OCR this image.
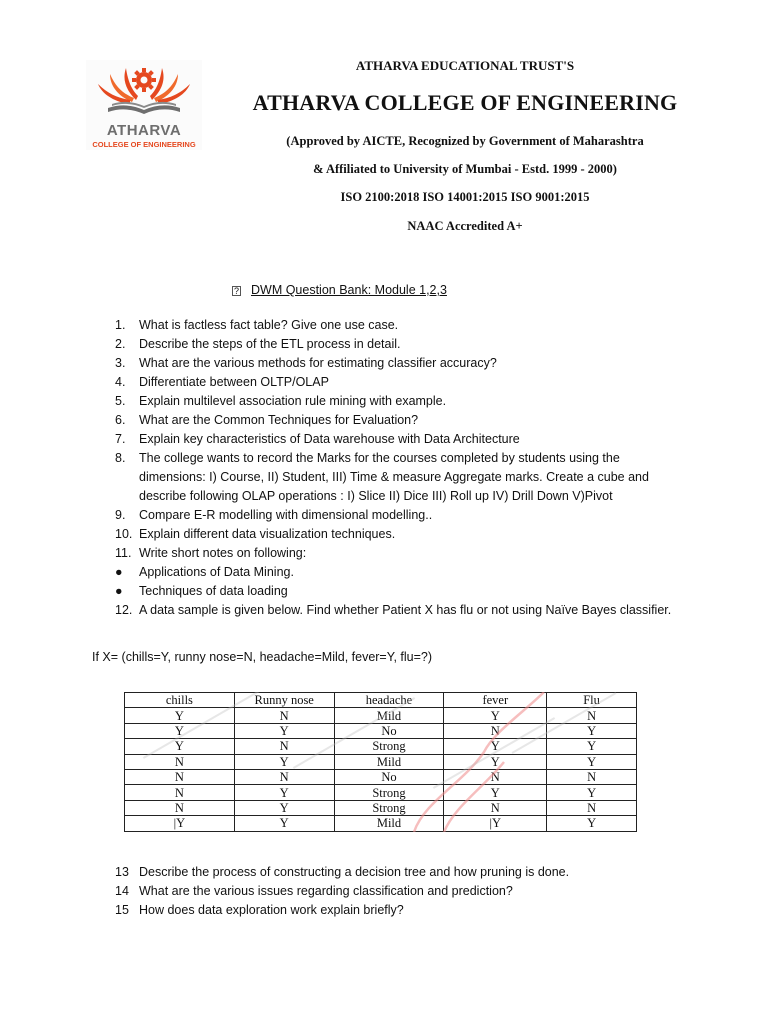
ATHARVA
COLLEGE OF ENGINEERING
ATHARVA EDUCATIONAL TRUST'S
ATHARVA COLLEGE OF ENGINEERING
(Approved by AICTE, Recognized by Government of Maharashtra
& Affiliated to University of Mumbai - Estd. 1999 - 2000)
ISO 2100:2018 ISO 14001:2015 ISO 9001:2015
NAAC Accredited A+
? DWM Question Bank: Module 1,2,3
1.	What is factless fact table? Give one use case.
2.	Describe the steps of the ETL process in detail.
3.	What are the various methods for estimating classifier accuracy?
4.	Differentiate between OLTP/OLAP
5.	Explain multilevel association rule mining with example.
6.	What are the Common Techniques for Evaluation?
7.	Explain key characteristics of Data warehouse with Data Architecture
8.	The college wants to record the Marks for the courses completed by students using the dimensions: I) Course, II) Student, III) Time & measure Aggregate marks. Create a cube and describe following OLAP operations : I) Slice II) Dice III) Roll up IV) Drill Down V)Pivot
9.	Compare E-R modelling with dimensional modelling..
10. Explain different data visualization techniques.
11. Write short notes on following:
●	Applications of Data Mining.
●	Techniques of data loading
12. A data sample is given below. Find whether Patient X has flu or not using Naïve Bayes classifier.
If X= (chills=Y, runny nose=N, headache=Mild, fever=Y, flu=?)
chills	Runny nose	headache	fever	Flu
Y	N	Mild	Y	N
Y	Y	No	N	Y
Y	N	Strong	Y	Y
N	Y	Mild	Y	Y
N	N	No	N	N
N	Y	Strong	Y	Y
N	Y	Strong	N	N
|Y	Y	Mild	|Y	Y
13 Describe the process of constructing a decision tree and how pruning is done.
14 What are the various issues regarding classification and prediction?
15 How does data exploration work explain briefly?
